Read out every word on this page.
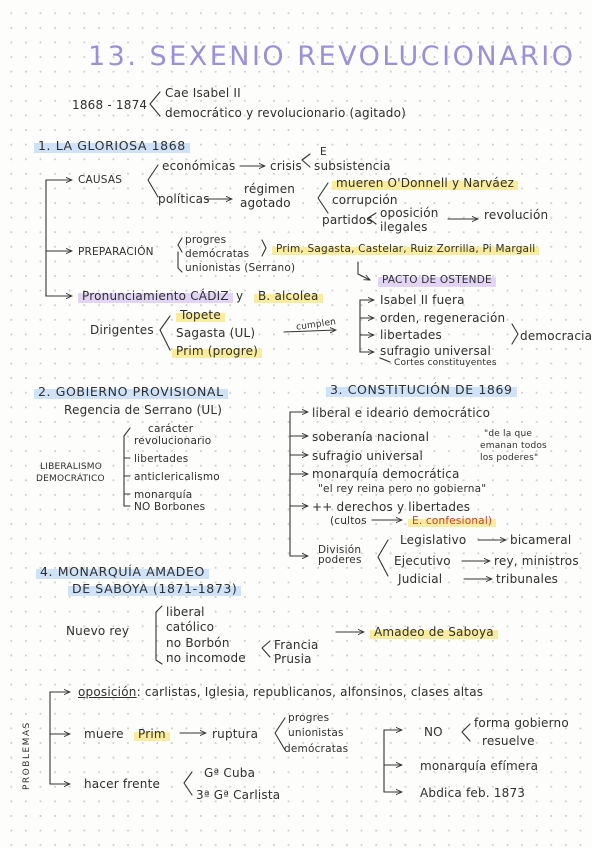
13. SEXENIO REVOLUCIONARIO
1868 - 1874
Cae Isabel II
democrático y revolucionario (agitado)
1. LA GLORIOSA 1868
CAUSAS
económicas	crisis
E
subsistencia
políticas
régimen
agotado
mueren O'Donnell y Narváez
corrupción
partidos oposición
ilegales
revolución
PREPARACIÓN
progres
demócratas
unionistas (Serrano)
Prim, Sagasta, Castelar, Ruiz Zorrilla, Pi Margall
PACTO DE OSTENDE
Pronunciamiento CÁDIZ y	B. alcolea
Dirigentes
Topete
Sagasta (UL)
Prim (progre)
cumplen
Isabel II fuera
orden, regeneración
libertades
sufragio universal
Cortes constituyentes
democracia
2. GOBIERNO PROVISIONAL
Regencia de Serrano (UL)
LIBERALISMO
DEMOCRÁTICO
carácter
revolucionario
libertades
anticlericalismo
monarquía
NO Borbones
3. CONSTITUCIÓN DE 1869
liberal e ideario democrático
soberanía nacional	"de la que
emanan todos
los poderes"
sufragio universal
monarquía democrática
"el rey reina pero no gobierna"
++ derechos y libertades
(cultos	E. confesional)
División
poderes
Legislativo	bicameral
Ejecutivo	rey, ministros
Judicial	tribunales
4. MONARQUÍA AMADEO
DE SABOYA (1871-1873)
Nuevo rey
liberal
católico
no Borbón
no incomode
Francia
Prusia
Amadeo de Saboya
PROBLEMAS
oposición: carlistas, Iglesia, republicanos, alfonsinos, clases altas
muere	Prim	ruptura
progres
unionistas
demócratas
NO
forma gobierno
resuelve
monarquía efímera
Abdica feb. 1873
hacer frente
Gª Cuba
3ª Gª Carlista
